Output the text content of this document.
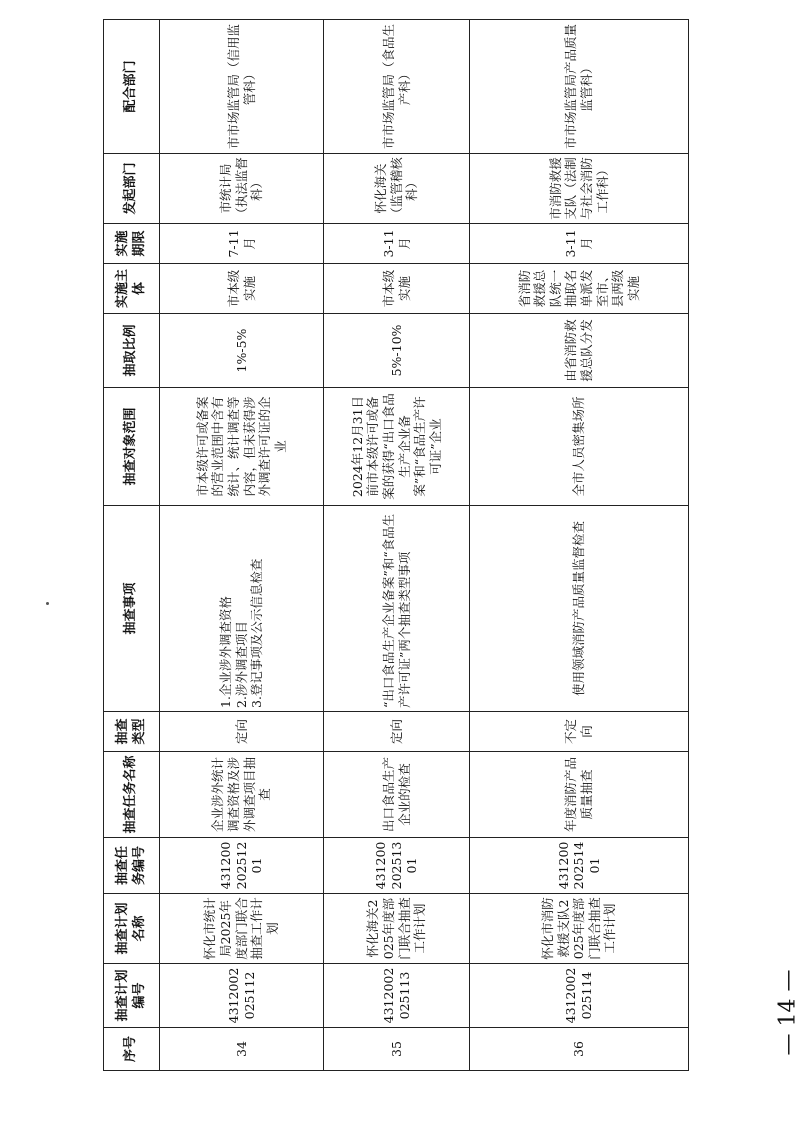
序号	抽查计划编号	抽查计划名称	抽查任务编号	抽查任务名称	抽查类型	抽查事项	抽查对象范围	抽取比例	实施主体	实施期限	发起部门	配合部门
34	4312002025112	怀化市统计局2025年度部门联合抽查工作计划	43120020251201	企业涉外统计调查资格及涉外调查项目抽查	定向	1.企业涉外调查资格
2.涉外调查项目
3.登记事项及公示信息检查	市本级许可或备案的营业范围中含有统计、统计调查等内容，但未获得涉外调查许可证的企业	1%-5%	市本级实施	7-11月	市统计局（执法监督科）	市市场监管局（信用监管科）
35	4312002025113	怀化海关2025年度部门联合抽查工作计划	43120020251301	出口食品生产企业的检查	定向	“出口食品生产企业备案”和“食品生产许可证”两个抽查类型事项	2024年12月31日前市本级许可或备案的获得“出口食品生产企业备案”和“食品生产许可证”企业	5%-10%	市本级实施	3-11月	怀化海关（监管稽核科）	市市场监管局（食品生产科）
36	4312002025114	怀化市消防救援支队2025年度部门联合抽查工作计划	43120020251401	年度消防产品质量抽查	不定向	使用领域消防产品质量监督检查	全市人员密集场所	由省消防救援总队分发	省消防救援总队统一抽取名单派发至市、县两级实施	3-11月	市消防救援支队（法制与社会消防工作科）	市市场监管局产品质量监管科）
— 14 —
